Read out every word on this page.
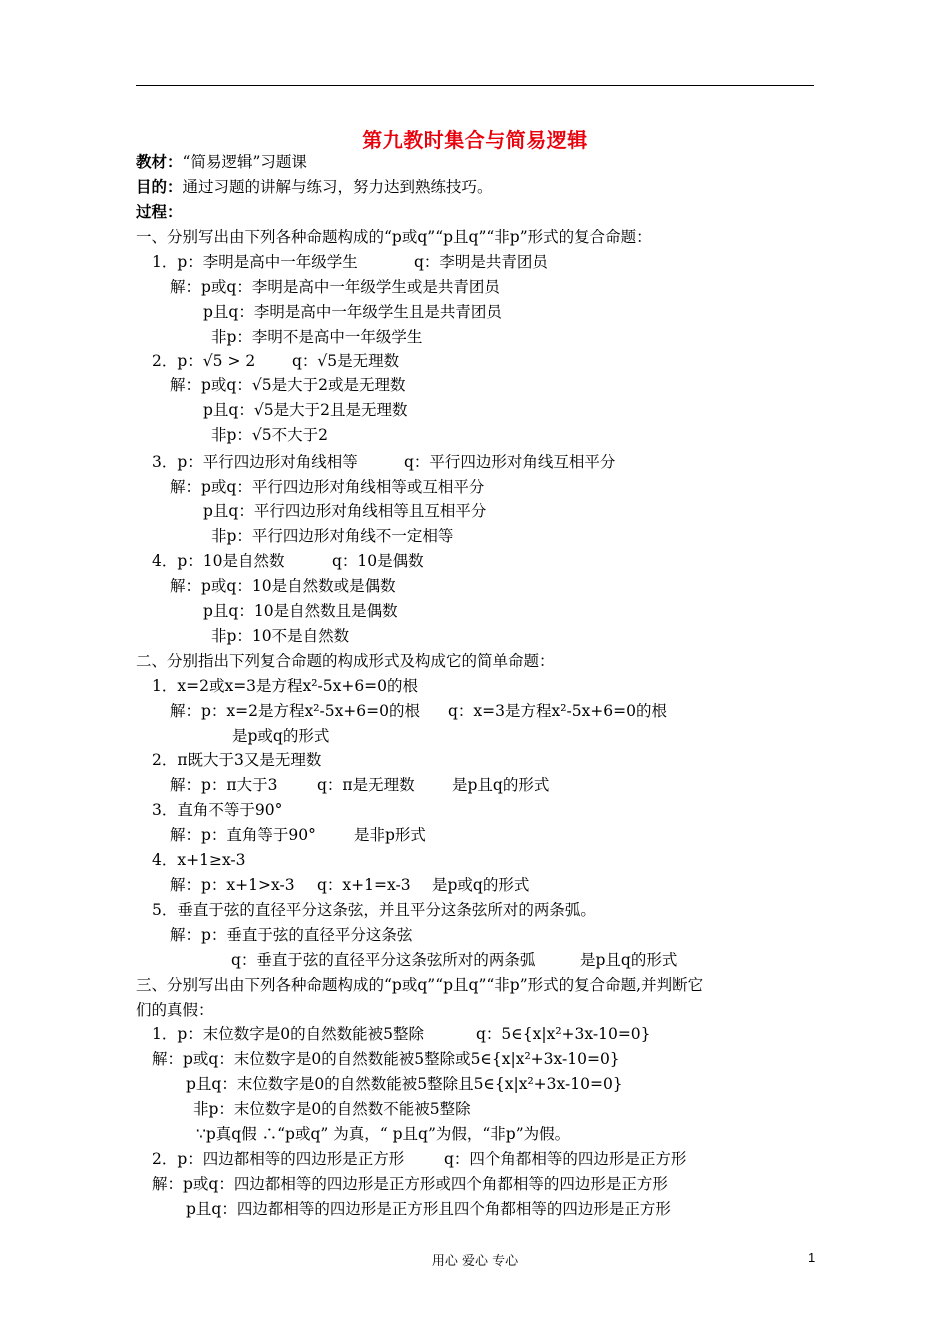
第九教时集合与简易逻辑
教材：“简易逻辑”习题课
目的：通过习题的讲解与练习，努力达到熟练技巧。
过程：
一、分别写出由下列各种命题构成的“p或q”“p且q”“非p”形式的复合命题：
1．p：李明是高中一年级学生	q：李明是共青团员
解：p或q：李明是高中一年级学生或是共青团员
p且q：李明是高中一年级学生且是共青团员
非p：李明不是高中一年级学生
2．p：√5 > 2 q：√5是无理数
解：p或q：√5是大于2或是无理数
p且q：√5是大于2且是无理数
非p：√5不大于2
3．p：平行四边形对角线相等	q：平行四边形对角线互相平分
解：p或q：平行四边形对角线相等或互相平分
p且q：平行四边形对角线相等且互相平分
非p：平行四边形对角线不一定相等
4．p：10是自然数	q：10是偶数
解：p或q：10是自然数或是偶数
p且q：10是自然数且是偶数
非p：10不是自然数
二、分别指出下列复合命题的构成形式及构成它的简单命题：
1．x=2或x=3是方程x²-5x+6=0的根
解：p：x=2是方程x²-5x+6=0的根 q：x=3是方程x²-5x+6=0的根
是p或q的形式
2．π既大于3又是无理数
解：p：π大于3	q：π是无理数 是p且q的形式
3．直角不等于90°
解：p：直角等于90° 是非p形式
4．x+1≥x-3
解：p：x+1>x-3 q：x+1=x-3 是p或q的形式
5．垂直于弦的直径平分这条弦，并且平分这条弦所对的两条弧。
解：p：垂直于弦的直径平分这条弦
q：垂直于弦的直径平分这条弦所对的两条弧	是p且q的形式
三、分别写出由下列各种命题构成的“p或q”“p且q”“非p”形式的复合命题,并判断它
们的真假：
1．p：末位数字是0的自然数能被5整除	q：5∈{x|x²+3x-10=0}
解：p或q：末位数字是0的自然数能被5整除或5∈{x|x²+3x-10=0}
p且q：末位数字是0的自然数能被5整除且5∈{x|x²+3x-10=0}
非p：末位数字是0的自然数不能被5整除
∵p真q假 ∴“p或q” 为真，“ p且q”为假，“非p”为假。
2．p：四边都相等的四边形是正方形	q：四个角都相等的四边形是正方形
解：p或q：四边都相等的四边形是正方形或四个角都相等的四边形是正方形
p且q：四边都相等的四边形是正方形且四个角都相等的四边形是正方形
用心 爱心 专心	1
